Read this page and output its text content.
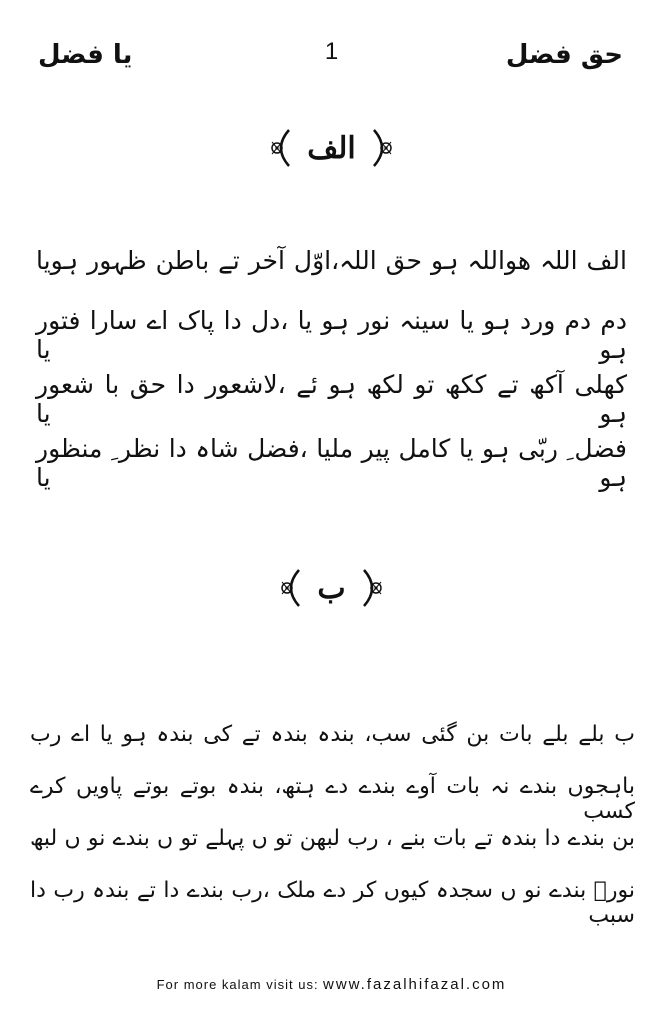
یا فضل	1	حق فضل
الف
الف اللہ ھواللہ ہو حق اللہ،اوّل آخر تے باطن ظہور ہویا
دم دم ورد ہو یا سینہ نور ہو یا ،دل دا پاک اے سارا فتور ہو یا
کھلی آکھ تے ککھ تو لکھ ہو ئے ،لاشعور دا حق با شعور ہو یا
فضل ِ ربّی ہو یا کامل پیر ملیا ،فضل شاہ دا نظر ِ منظور ہو یا
ب
ب بلے بلے بات بن گئی سب، بندہ بندہ تے کی بندہ ہو یا اے رب
باہجوں بندے نہ بات آوے بندے دے ہتھ، بندہ بوتے بوتے پاویں کرے کسب
بن بندے دا بندہ تے بات بنے ، رب لبھن تو ں پہلے تو ں بندے نو ں لبھ
نورؔ بندے نو ں سجدہ کیوں کر دے ملک ،رب بندے دا تے بندہ رب دا سبب
For more kalam visit us: www.fazalhifazal.com
